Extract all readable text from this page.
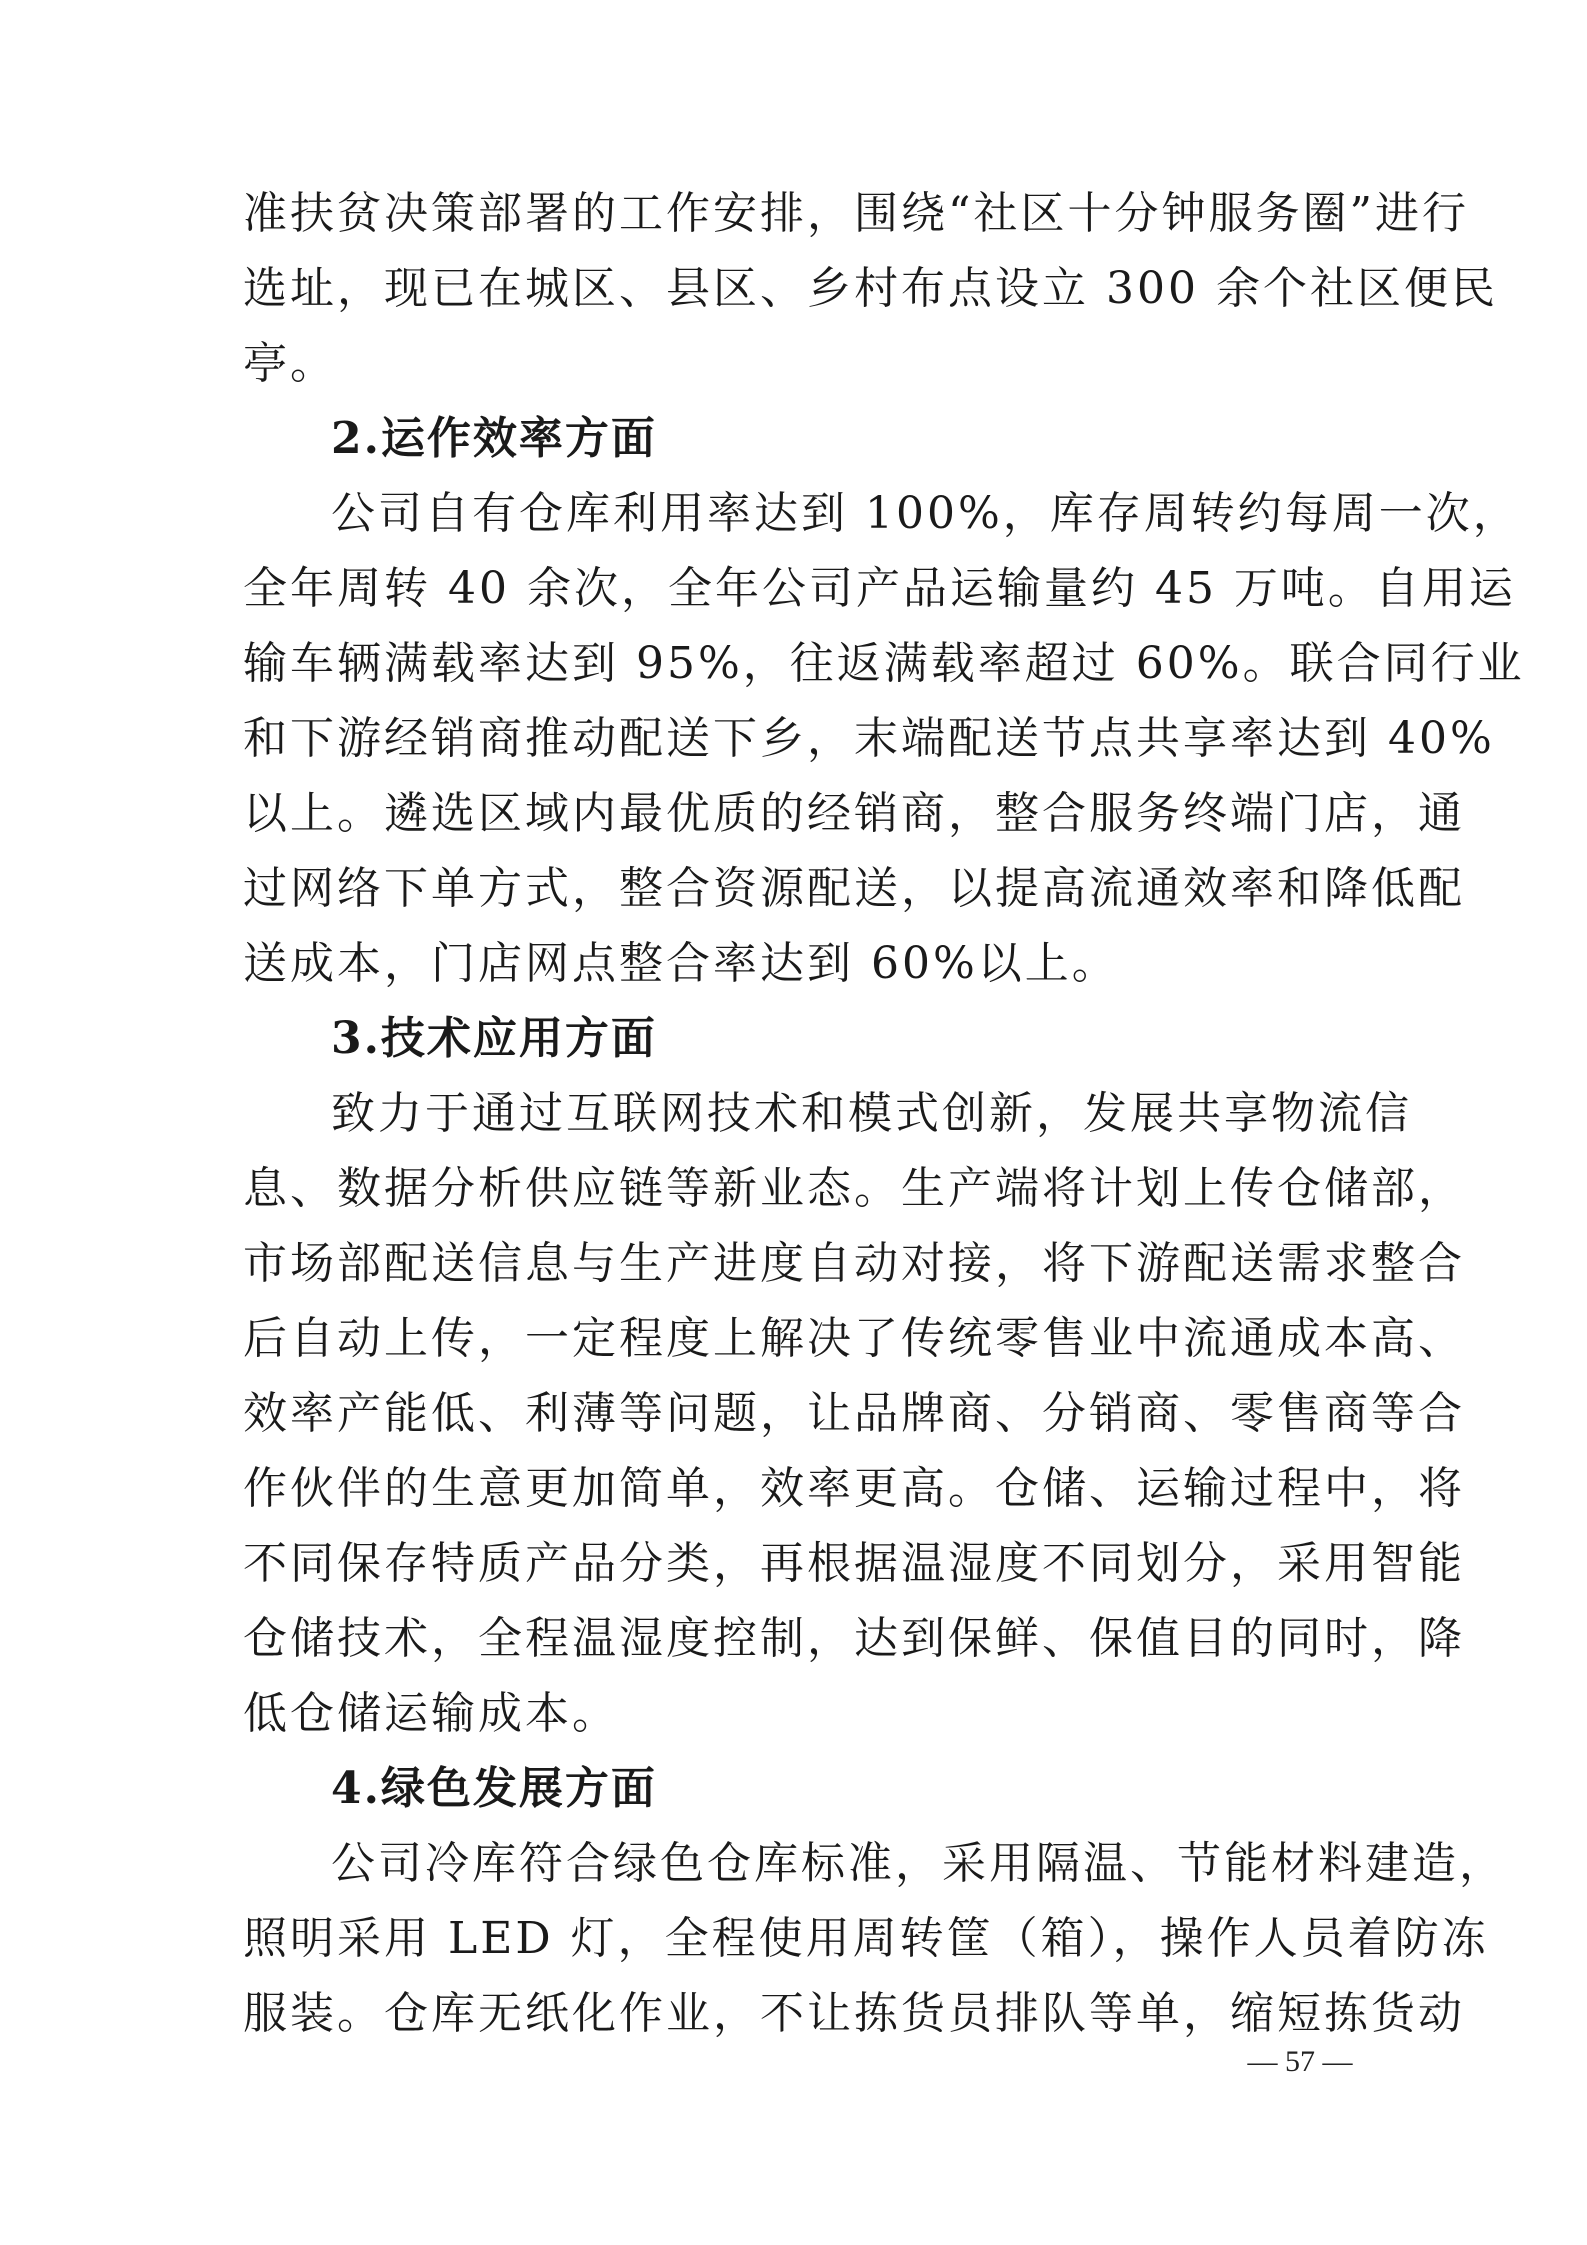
准扶贫决策部署的工作安排，围绕“社区十分钟服务圈”进行
选址，现已在城区、县区、乡村布点设立 300 余个社区便民
亭。
2.运作效率方面
公司自有仓库利用率达到 100%，库存周转约每周一次，
全年周转 40 余次，全年公司产品运输量约 45 万吨。自用运
输车辆满载率达到 95%，往返满载率超过 60%。联合同行业
和下游经销商推动配送下乡，末端配送节点共享率达到 40%
以上。遴选区域内最优质的经销商，整合服务终端门店，通
过网络下单方式，整合资源配送，以提高流通效率和降低配
送成本，门店网点整合率达到 60%以上。
3.技术应用方面
致力于通过互联网技术和模式创新，发展共享物流信
息、数据分析供应链等新业态。生产端将计划上传仓储部，
市场部配送信息与生产进度自动对接，将下游配送需求整合
后自动上传，一定程度上解决了传统零售业中流通成本高、
效率产能低、利薄等问题，让品牌商、分销商、零售商等合
作伙伴的生意更加简单，效率更高。仓储、运输过程中，将
不同保存特质产品分类，再根据温湿度不同划分，采用智能
仓储技术，全程温湿度控制，达到保鲜、保值目的同时，降
低仓储运输成本。
4.绿色发展方面
公司冷库符合绿色仓库标准，采用隔温、节能材料建造，
照明采用 LED 灯，全程使用周转筐（箱），操作人员着防冻
服装。仓库无纸化作业，不让拣货员排队等单，缩短拣货动
— 57 —
